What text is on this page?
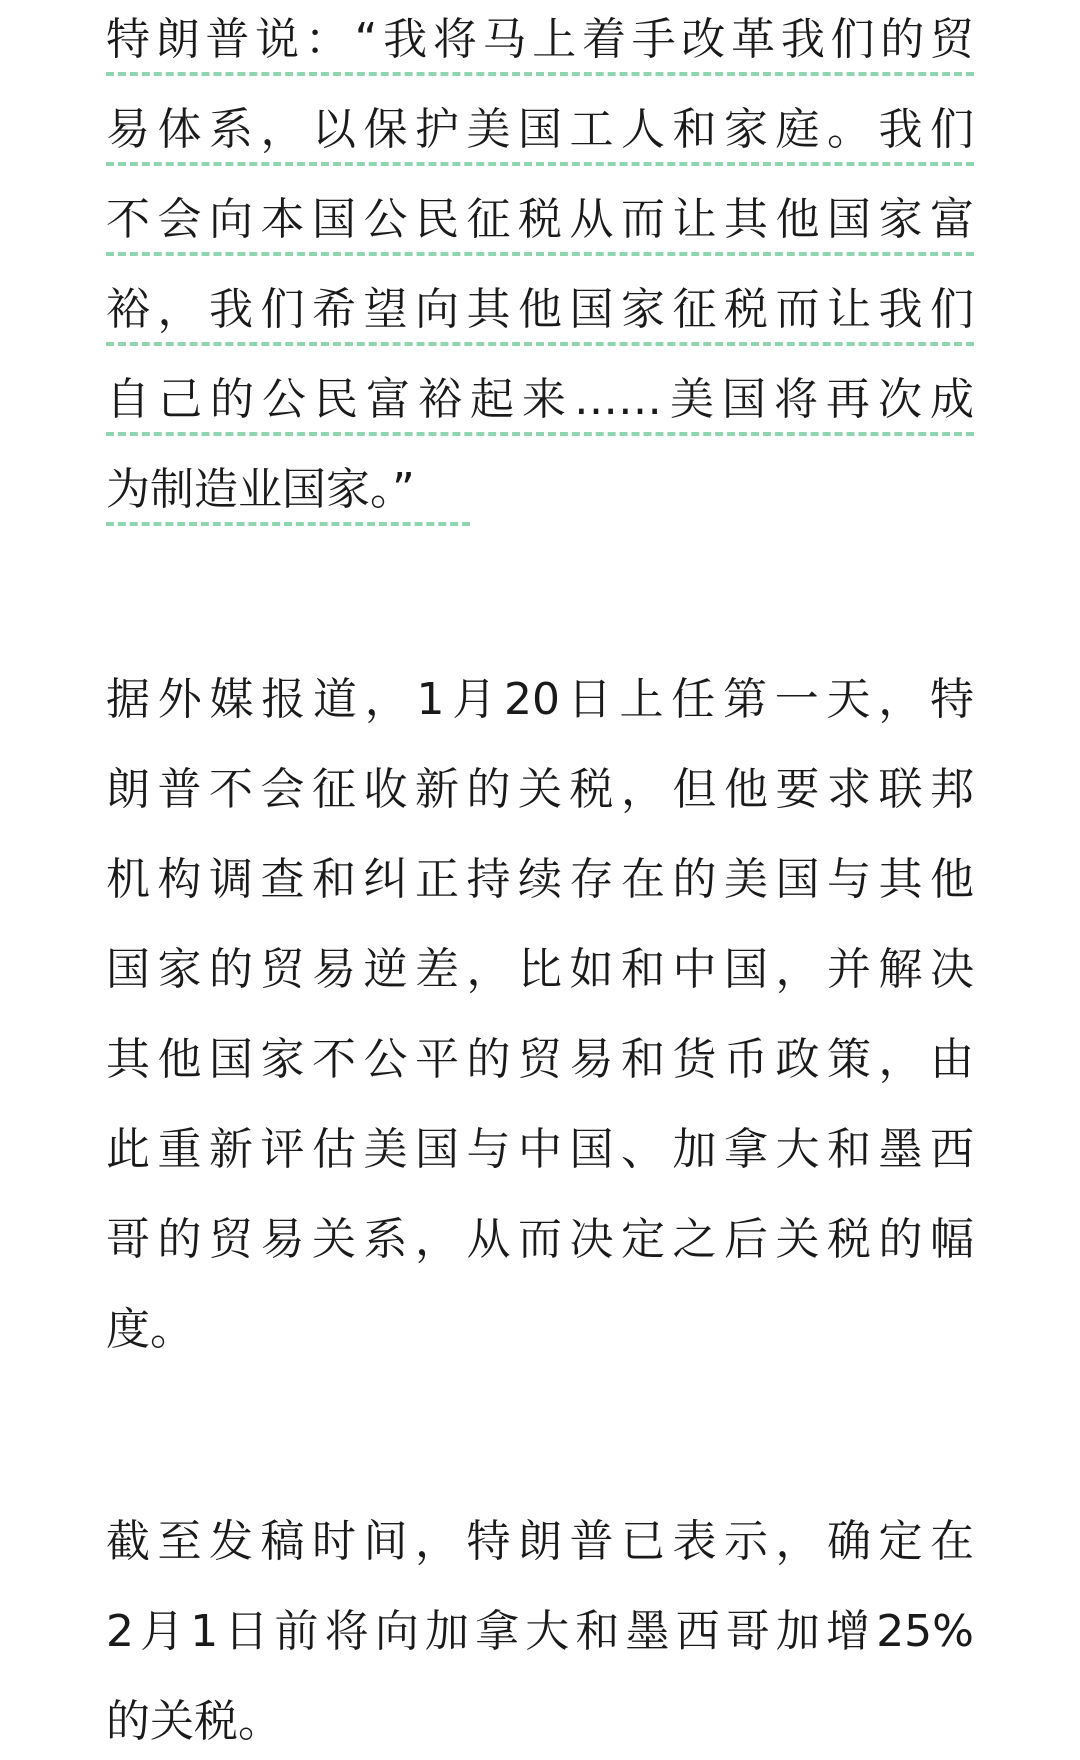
特朗普说：“我将马上着手改革我们的贸
易体系，以保护美国工人和家庭。我们
不会向本国公民征税从而让其他国家富
裕，我们希望向其他国家征税而让我们
自己的公民富裕起来……美国将再次成
为制造业国家。”
据外媒报道，1月20日上任第一天，特
朗普不会征收新的关税，但他要求联邦
机构调查和纠正持续存在的美国与其他
国家的贸易逆差，比如和中国，并解决
其他国家不公平的贸易和货币政策，由
此重新评估美国与中国、加拿大和墨西
哥的贸易关系，从而决定之后关税的幅
度。
截至发稿时间，特朗普已表示，确定在
2月1日前将向加拿大和墨西哥加增25%
的关税。
